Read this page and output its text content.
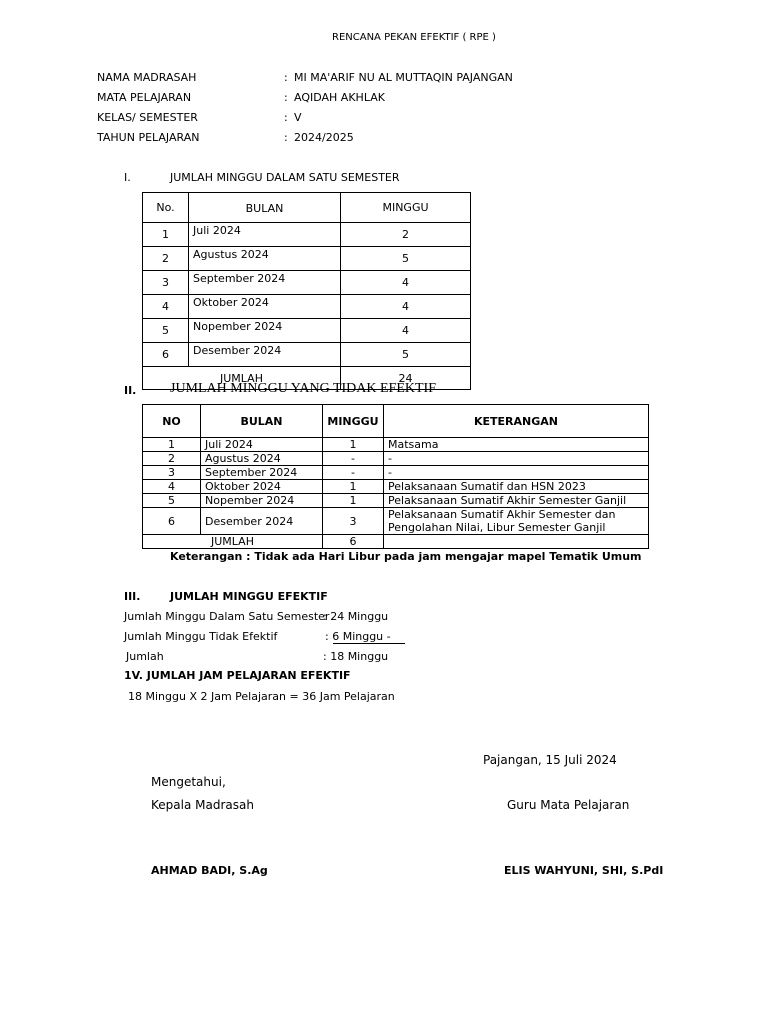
RENCANA PEKAN EFEKTIF ( RPE )
NAMA MADRASAH	: MI MA'ARIF NU AL MUTTAQIN PAJANGAN
MATA PELAJARAN	: AQIDAH AKHLAK
KELAS/ SEMESTER	: V
TAHUN PELAJARAN	: 2024/2025
I.	JUMLAH MINGGU DALAM SATU SEMESTER
No.	BULAN	MINGGU
1	Juli 2024	2
2	Agustus 2024	5
3	September 2024	4
4	Oktober 2024	4
5	Nopember 2024	4
6	Desember 2024	5
JUMLAH		24
II. JUMLAH MINGGU YANG TIDAK EFEKTIF
NO	BULAN	MINGGU	KETERANGAN
1	Juli 2024	1	Matsama
2	Agustus 2024	-	-
3	September 2024	-	-
4	Oktober 2024	1	Pelaksanaan Sumatif dan HSN 2023
5	Nopember 2024	1	Pelaksanaan Sumatif Akhir Semester Ganjil
6	Desember 2024	3	Pelaksanaan Sumatif Akhir Semester dan Pengolahan Nilai, Libur Semester Ganjil
JUMLAH		6	
Keterangan : Tidak ada Hari Libur pada jam mengajar mapel Tematik Umum
III.	JUMLAH MINGGU EFEKTIF
Jumlah Minggu Dalam Satu Semester
: 24 Minggu
Jumlah Minggu Tidak Efektif	: 6 Minggu -
Jumlah	: 18 Minggu
1V. JUMLAH JAM PELAJARAN EFEKTIF
18 Minggu X 2 Jam Pelajaran = 36 Jam Pelajaran
Pajangan, 15 Juli 2024
Mengetahui,
Kepala Madrasah	Guru Mata Pelajaran
AHMAD BADI, S.Ag	ELIS WAHYUNI, SHI, S.PdI
